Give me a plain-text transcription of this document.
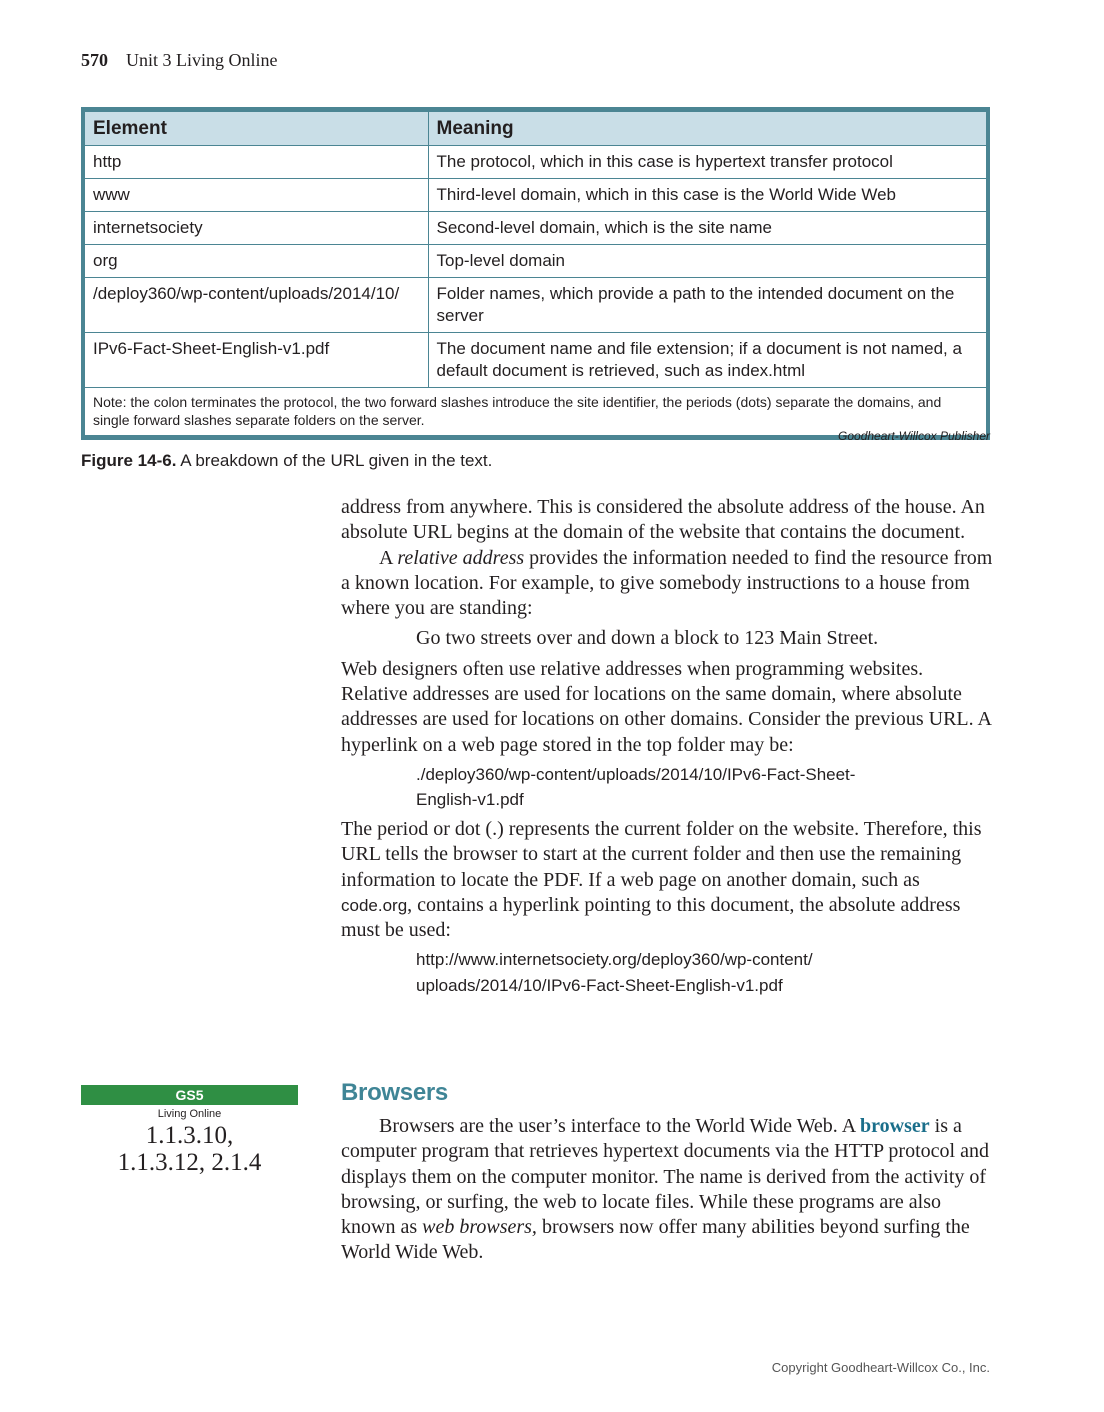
570 Unit 3 Living Online
Element	Meaning
http	The protocol, which in this case is hypertext transfer protocol
www	Third-level domain, which in this case is the World Wide Web
internetsociety	Second-level domain, which is the site name
org	Top-level domain
/deploy360/wp-content/uploads/2014/10/	Folder names, which provide a path to the intended document on the server
IPv6-Fact-Sheet-English-v1.pdf	The document name and file extension; if a document is not named, a default document is retrieved, such as index.html
Note: the colon terminates the protocol, the two forward slashes introduce the site identifier, the periods (dots) separate the domains, and single forward slashes separate folders on the server.	
Goodheart-Willcox Publisher
Figure 14-6. A breakdown of the URL given in the text.

address from anywhere. This is considered the absolute address of the house. An absolute URL begins at the domain of the website that contains the document.

A relative address provides the information needed to find the resource from a known location. For example, to give somebody instructions to a house from where you are standing:

Go two streets over and down a block to 123 Main Street.

Web designers often use relative addresses when programming websites. Relative addresses are used for locations on the same domain, where absolute addresses are used for locations on other domains. Consider the previous URL. A hyperlink on a web page stored in the top folder may be:

./deploy360/wp-content/uploads/2014/10/IPv6-Fact-Sheet-
English-v1.pdf

The period or dot (.) represents the current folder on the website. Therefore, this URL tells the browser to start at the current folder and then use the remaining information to locate the PDF. If a web page on another domain, such as code.org, contains a hyperlink pointing to this document, the absolute address must be used:

http://www.internetsociety.org/deploy360/wp-content/
uploads/2014/10/IPv6-Fact-Sheet-English-v1.pdf
Browsers

Browsers are the user’s interface to the World Wide Web. A browser is a computer program that retrieves hypertext documents via the HTTP protocol and displays them on the computer monitor. The name is derived from the activity of browsing, or surfing, the web to locate files. While these programs are also known as web browsers, browsers now offer many abilities beyond surfing the World Wide Web.

GS5
Living Online
1.1.3.10,
1.1.3.12, 2.1.4
Copyright Goodheart-Willcox Co., Inc.
